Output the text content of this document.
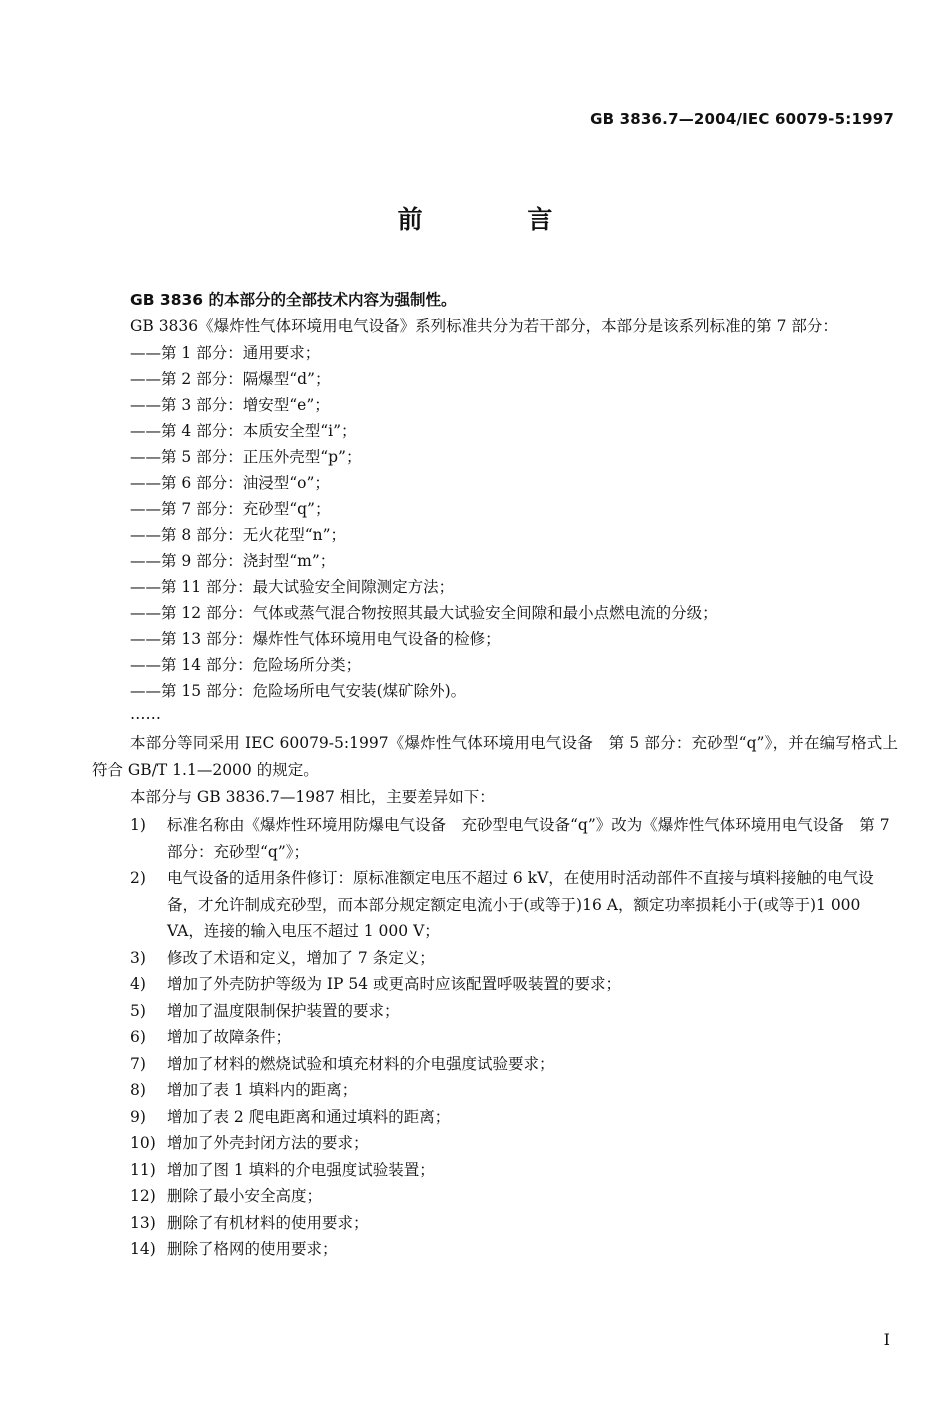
GB 3836.7—2004/IEC 60079-5:1997
前 言
GB 3836 的本部分的全部技术内容为强制性。
GB 3836《爆炸性气体环境用电气设备》系列标准共分为若干部分，本部分是该系列标准的第 7 部分：
——第 1 部分：通用要求；
——第 2 部分：隔爆型“d”；
——第 3 部分：增安型“e”；
——第 4 部分：本质安全型“i”；
——第 5 部分：正压外壳型“p”；
——第 6 部分：油浸型“o”；
——第 7 部分：充砂型“q”；
——第 8 部分：无火花型“n”；
——第 9 部分：浇封型“m”；
——第 11 部分：最大试验安全间隙测定方法；
——第 12 部分：气体或蒸气混合物按照其最大试验安全间隙和最小点燃电流的分级；
——第 13 部分：爆炸性气体环境用电气设备的检修；
——第 14 部分：危险场所分类；
——第 15 部分：危险场所电气安装(煤矿除外)。
……
本部分等同采用 IEC 60079-5:1997《爆炸性气体环境用电气设备　第 5 部分：充砂型“q”》，并在编写格式上符合 GB/T 1.1—2000 的规定。
本部分与 GB 3836.7—1987 相比，主要差异如下：
1) 标准名称由《爆炸性环境用防爆电气设备　充砂型电气设备“q”》改为《爆炸性气体环境用电气设备　第 7 部分：充砂型“q”》；
2) 电气设备的适用条件修订：原标准额定电压不超过 6 kV，在使用时活动部件不直接与填料接触的电气设备，才允许制成充砂型，而本部分规定额定电流小于(或等于)16 A，额定功率损耗小于(或等于)1 000 VA，连接的输入电压不超过 1 000 V；
3) 修改了术语和定义，增加了 7 条定义；
4) 增加了外壳防护等级为 IP 54 或更高时应该配置呼吸装置的要求；
5) 增加了温度限制保护装置的要求；
6) 增加了故障条件；
7) 增加了材料的燃烧试验和填充材料的介电强度试验要求；
8) 增加了表 1 填料内的距离；
9) 增加了表 2 爬电距离和通过填料的距离；
10) 增加了外壳封闭方法的要求；
11) 增加了图 1 填料的介电强度试验装置；
12) 删除了最小安全高度；
13) 删除了有机材料的使用要求；
14) 删除了格网的使用要求；
I
